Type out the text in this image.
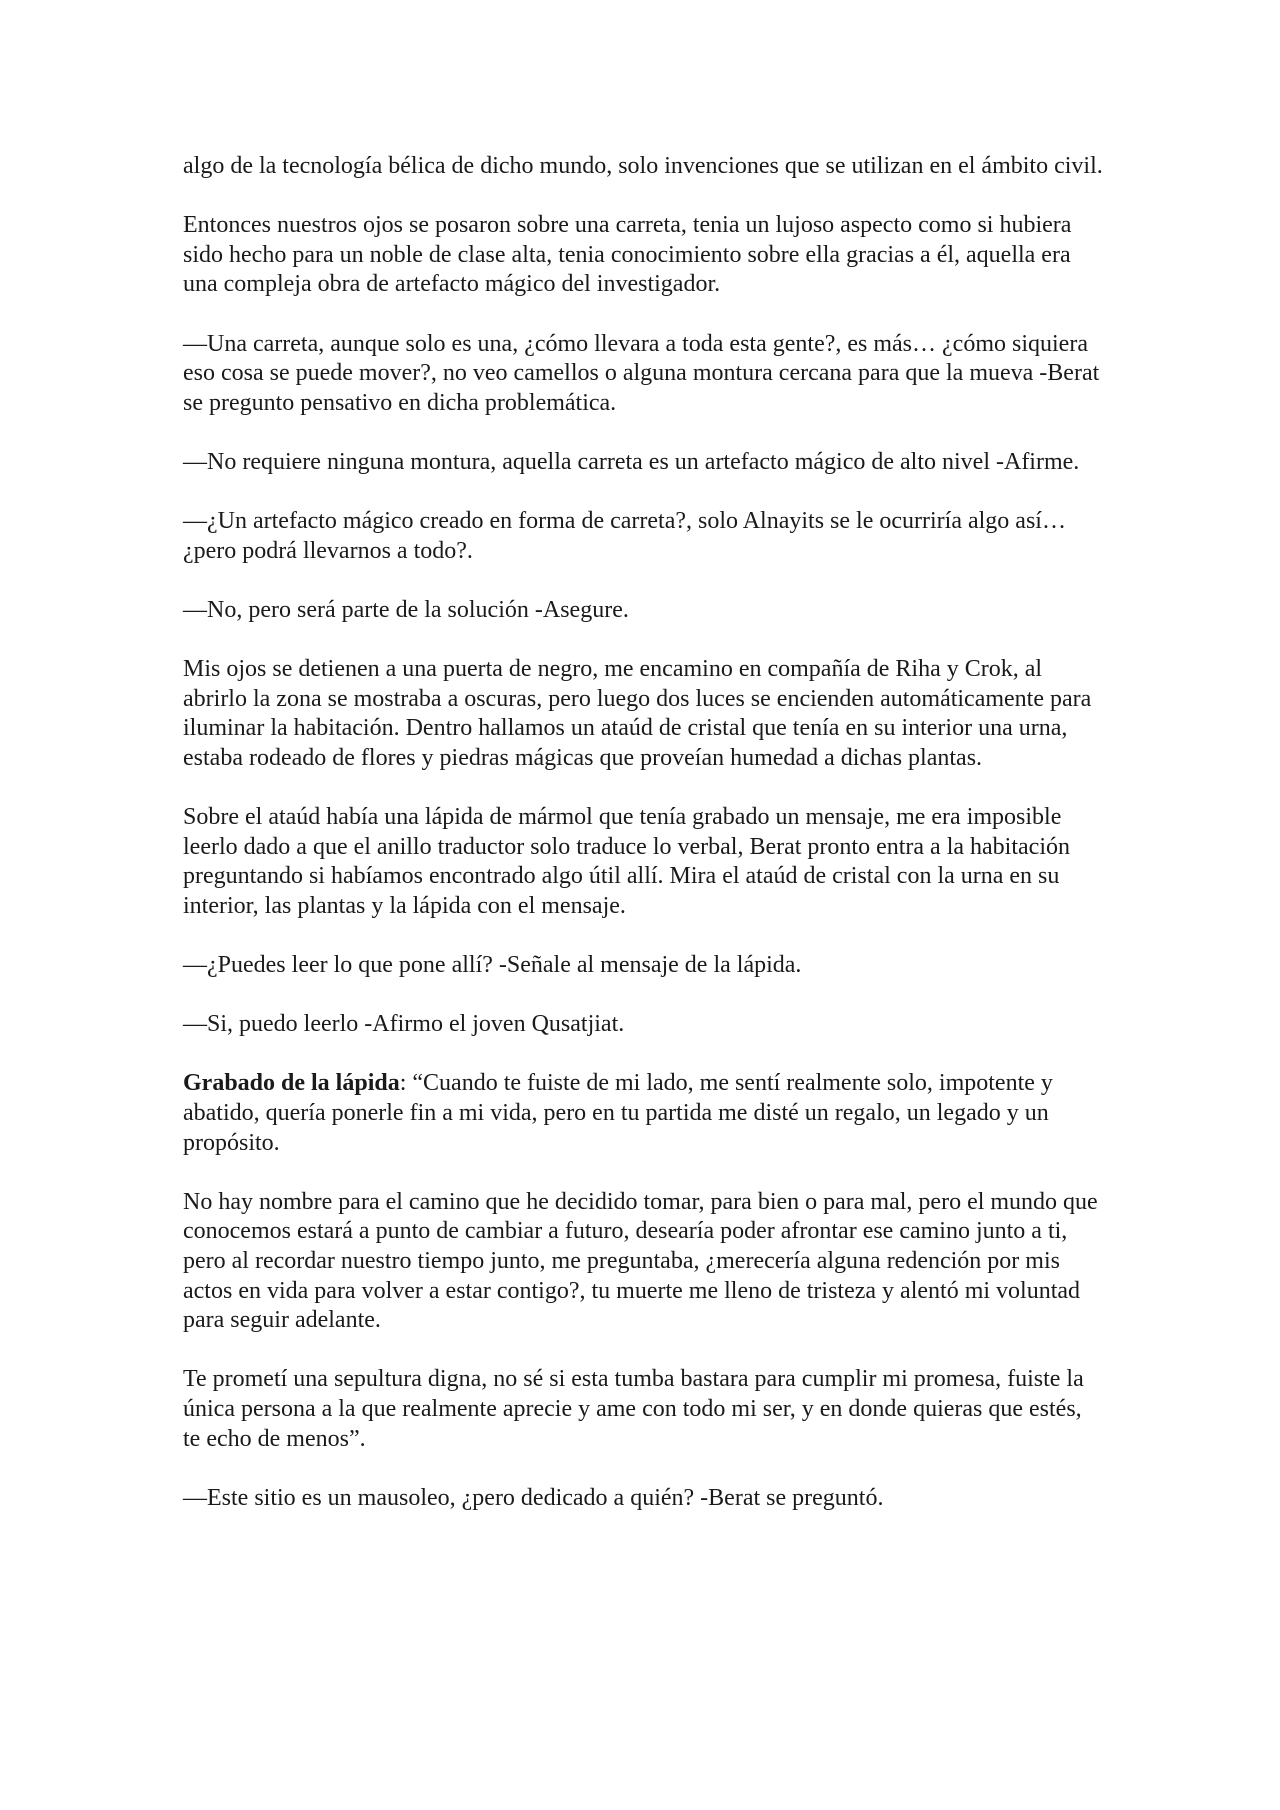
algo de la tecnología bélica de dicho mundo, solo invenciones que se utilizan en el ámbito civil.

Entonces nuestros ojos se posaron sobre una carreta, tenia un lujoso aspecto como si hubiera sido hecho para un noble de clase alta, tenia conocimiento sobre ella gracias a él, aquella era una compleja obra de artefacto mágico del investigador.

—Una carreta, aunque solo es una, ¿cómo llevara a toda esta gente?, es más… ¿cómo siquiera eso cosa se puede mover?, no veo camellos o alguna montura cercana para que la mueva -Berat se pregunto pensativo en dicha problemática.

—No requiere ninguna montura, aquella carreta es un artefacto mágico de alto nivel -Afirme.

—¿Un artefacto mágico creado en forma de carreta?, solo Alnayits se le ocurriría algo así… ¿pero podrá llevarnos a todo?.

—No, pero será parte de la solución -Asegure.

Mis ojos se detienen a una puerta de negro, me encamino en compañía de Riha y Crok, al abrirlo la zona se mostraba a oscuras, pero luego dos luces se encienden automáticamente para iluminar la habitación. Dentro hallamos un ataúd de cristal que tenía en su interior una urna, estaba rodeado de flores y piedras mágicas que proveían humedad a dichas plantas.

Sobre el ataúd había una lápida de mármol que tenía grabado un mensaje, me era imposible leerlo dado a que el anillo traductor solo traduce lo verbal, Berat pronto entra a la habitación preguntando si habíamos encontrado algo útil allí. Mira el ataúd de cristal con la urna en su interior, las plantas y la lápida con el mensaje.

—¿Puedes leer lo que pone allí? -Señale al mensaje de la lápida.

—Si, puedo leerlo -Afirmo el joven Qusatjiat.

Grabado de la lápida: “Cuando te fuiste de mi lado, me sentí realmente solo, impotente y abatido, quería ponerle fin a mi vida, pero en tu partida me disté un regalo, un legado y un propósito.

No hay nombre para el camino que he decidido tomar, para bien o para mal, pero el mundo que conocemos estará a punto de cambiar a futuro, desearía poder afrontar ese camino junto a ti, pero al recordar nuestro tiempo junto, me preguntaba, ¿merecería alguna redención por mis actos en vida para volver a estar contigo?, tu muerte me lleno de tristeza y alentó mi voluntad para seguir adelante.

Te prometí una sepultura digna, no sé si esta tumba bastara para cumplir mi promesa, fuiste la única persona a la que realmente aprecie y ame con todo mi ser, y en donde quieras que estés, te echo de menos”.

—Este sitio es un mausoleo, ¿pero dedicado a quién? -Berat se preguntó.
